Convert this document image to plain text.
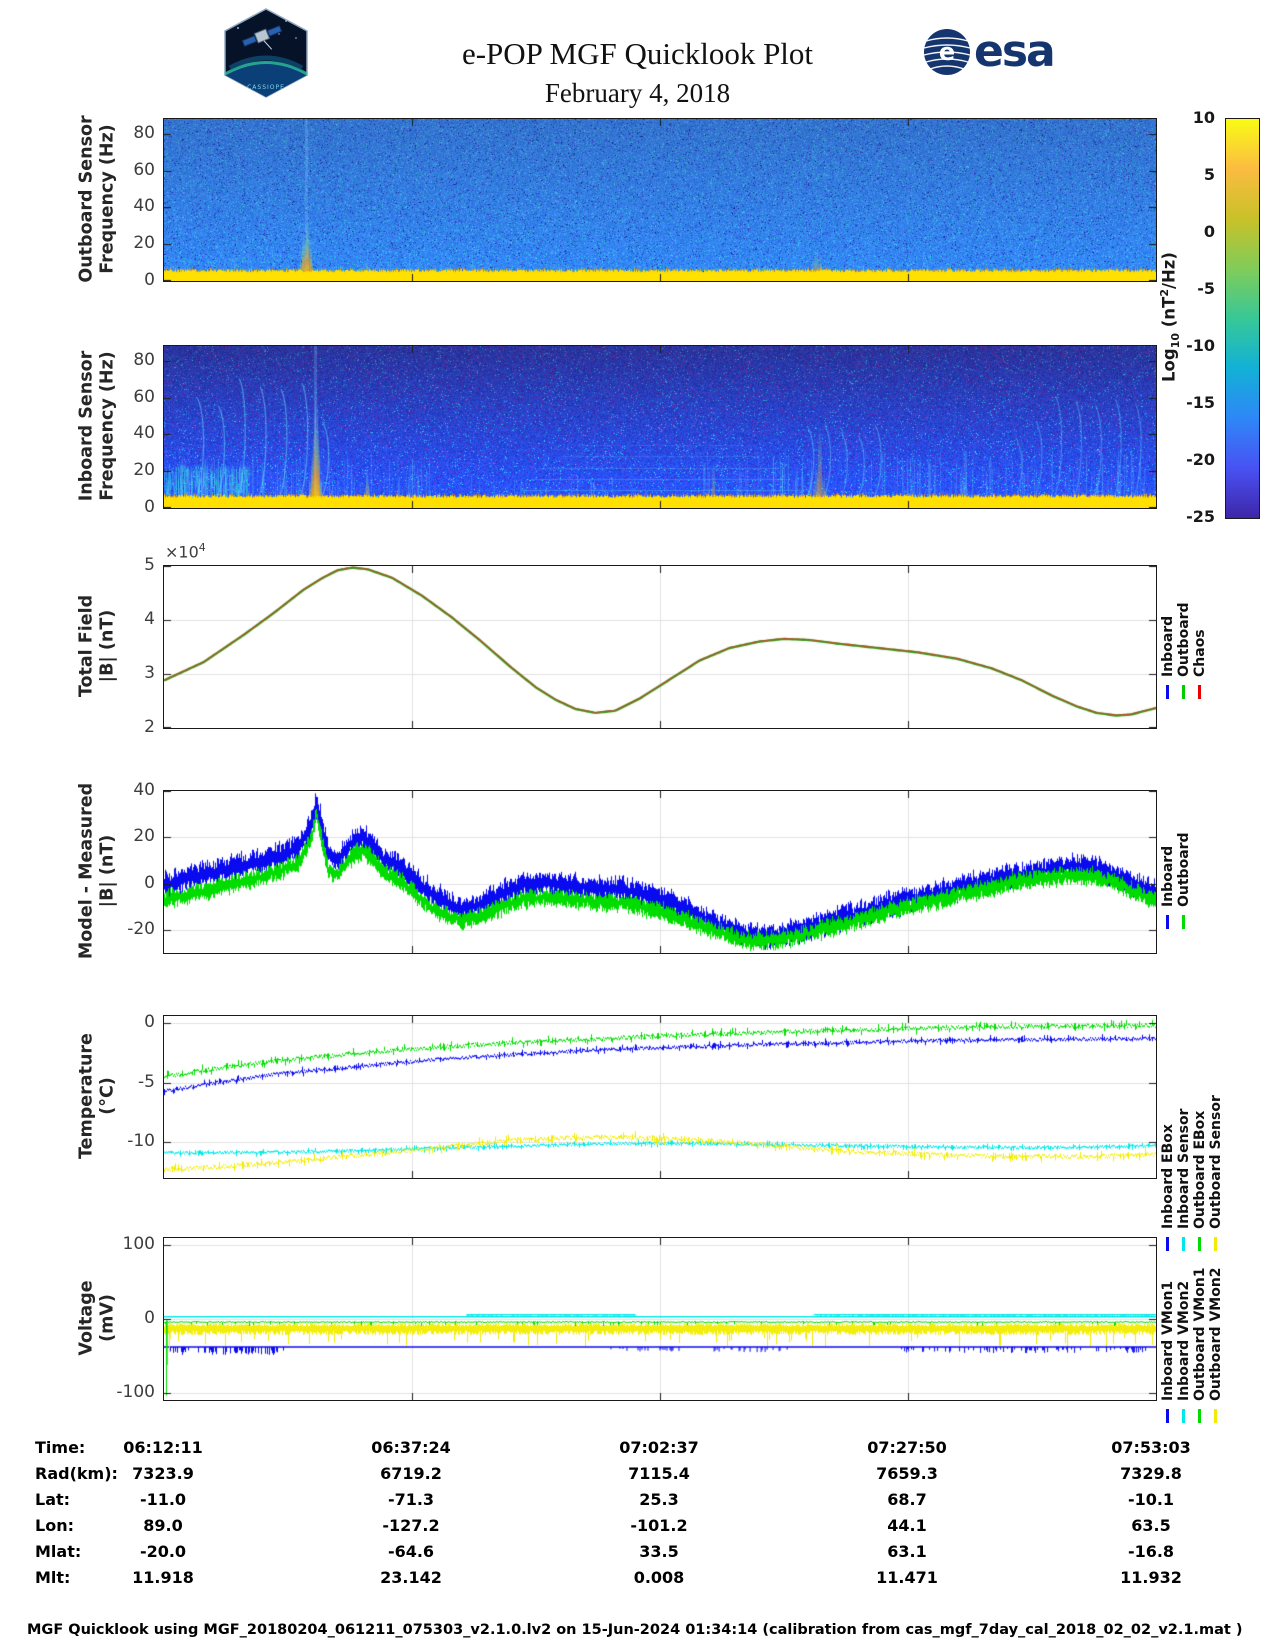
CASSIOPE
e-POP MGF Quicklook Plot
February 4, 2018
e esa
$\times 10^4$
Log$_{10}$ $(nT^2/Hz)$
Time:	06:12:11	06:37:24	07:02:37	07:27:50	07:53:03
Rad(km): 7323.9	6719.2	7115.4	7659.3	7329.8
Lat:	-11.0	-71.3	25.3	68.7	-10.1
Lon:	89.0	-127.2	-101.2	44.1	63.5
Mlat:	-20.0	-64.6	33.5	63.1	-16.8
Mlt:	11.918	23.142	0.008	11.471	11.932
MGF Quicklook using MGF_20180204_061211_075303_v2.1.0.lv2 on 15-Jun-2024 01:34:14 (calibration from cas_mgf_7day_cal_2018_02_02_v2.1.mat )
Outboard Sensor
Frequency (Hz)
0
20
40
60
80
Inboard Sensor
Frequency (Hz)
0
20
40
60
80
Total Field
|B| (nT)
2
3
4
5
Model - Measured
|B| (nT)
-20
0
20
40
Temperature
(°C)
0
-5
-10
Voltage
(mV)
-100
0
100
Inboard Outboard Chaos
Inboard Outboard
Inboard EBox Inboard Sensor Outboard EBox Outboard Sensor
Inboard VMon1 Inboard VMon2 Outboard VMon1 Outboard VMon2
10
5
0
-5
-10
-15
-20
-25
